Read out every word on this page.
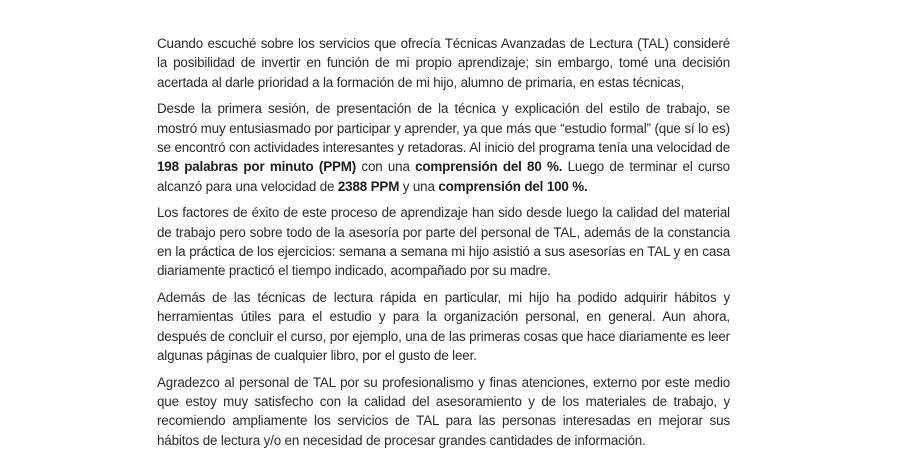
Cuando escuché sobre los servicios que ofrecía Técnicas Avanzadas de Lectura (TAL) consideré la posibilidad de invertir en función de mi propio aprendizaje; sin embargo, tomé una decisión acertada al darle prioridad a la formación de mi hijo, alumno de primaria, en estas técnicas,

Desde la primera sesión, de presentación de la técnica y explicación del estilo de trabajo, se mostró muy entusiasmado por participar y aprender, ya que más que “estudio formal” (que sí lo es) se encontró con actividades interesantes y retadoras. Al inicio del programa tenía una velocidad de 198 palabras por minuto (PPM) con una comprensión del 80 %. Luego de terminar el curso alcanzó para una velocidad de 2388 PPM y una comprensión del 100 %.

Los factores de éxito de este proceso de aprendizaje han sido desde luego la calidad del material de trabajo pero sobre todo de la asesoría por parte del personal de TAL, además de la constancia en la práctica de los ejercicios: semana a semana mi hijo asistió a sus asesorías en TAL y en casa diariamente practicó el tiempo indicado, acompañado por su madre.

Además de las técnicas de lectura rápida en particular, mi hijo ha podido adquirir hábitos y herramientas útiles para el estudio y para la organización personal, en general. Aun ahora, después de concluir el curso, por ejemplo, una de las primeras cosas que hace diariamente es leer algunas páginas de cualquier libro, por el gusto de leer.

Agradezco al personal de TAL por su profesionalismo y finas atenciones, externo por este medio que estoy muy satisfecho con la calidad del asesoramiento y de los materiales de trabajo, y recomiendo ampliamente los servicios de TAL para las personas interesadas en mejorar sus hábitos de lectura y/o en necesidad de procesar grandes cantidades de información.
